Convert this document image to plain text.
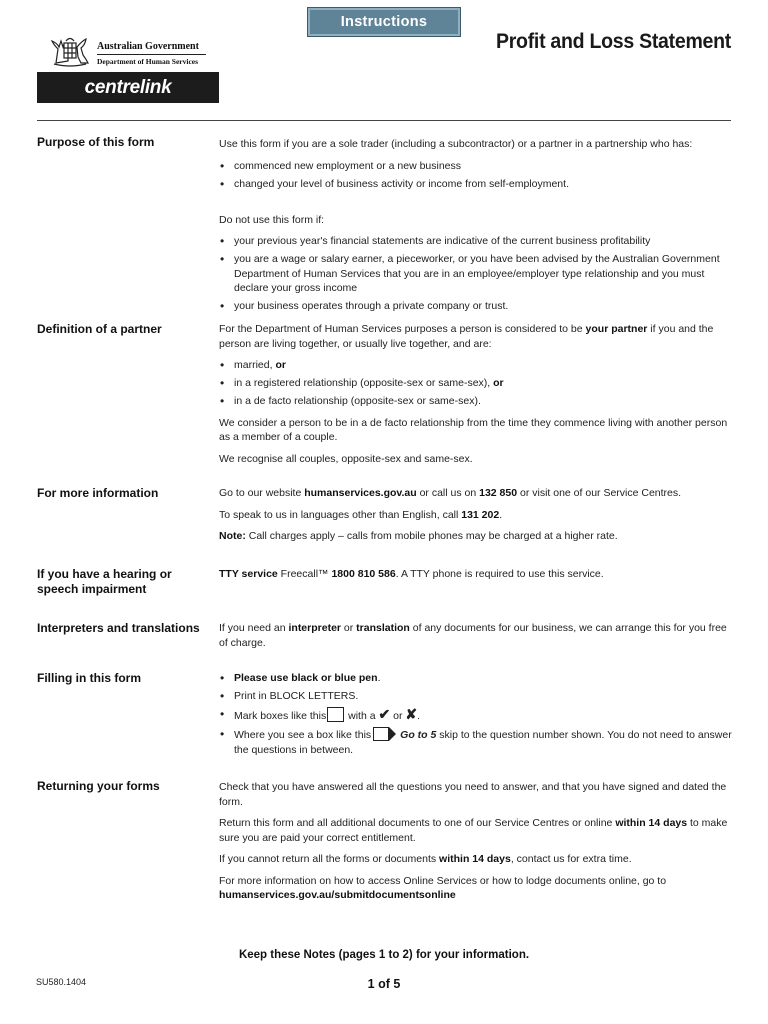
Instructions
Profit and Loss Statement
Australian Government
Department of Human Services
centrelink
Purpose of this form	Use this form if you are a sole trader (including a subcontractor) or a partner in a partnership who has:

• commenced new employment or a new business
• changed your level of business activity or income from self-employment.

Do not use this form if:

• your previous year's financial statements are indicative of the current business profitability
• you are a wage or salary earner, a pieceworker, or you have been advised by the Australian Government Department of Human Services that you are in an employee/employer type relationship and you must declare your gross income
• your business operates through a private company or trust.
Definition of a partner	For the Department of Human Services purposes a person is considered to be your partner if you and the person are living together, or usually live together, and are:

• married, or
• in a registered relationship (opposite-sex or same-sex), or
• in a de facto relationship (opposite-sex or same-sex).

We consider a person to be in a de facto relationship from the time they commence living with another person as a member of a couple.

We recognise all couples, opposite-sex and same-sex.

For more information	Go to our website humanservices.gov.au or call us on 132 850 or visit one of our Service Centres.

To speak to us in languages other than English, call 131 202.

Note: Call charges apply – calls from mobile phones may be charged at a higher rate.

If you have a hearing or speech impairment

TTY service Freecall™ 1800 810 586. A TTY phone is required to use this service.

Interpreters and translations	If you need an interpreter or translation of any documents for our business, we can arrange this for you free of charge.

Filling in this form
•	Please use black or blue pen.
• Print in BLOCK LETTERS.
• Mark boxes like this with a ✔ or ✘.
• Where you see a box like this	Go to 5 skip to the question number shown. You do not need to answer the questions in between.
Returning your forms	Check that you have answered all the questions you need to answer, and that you have signed and dated the form.

Return this form and all additional documents to one of our Service Centres or online within 14 days to make sure you are paid your correct entitlement.

If you cannot return all the forms or documents within 14 days, contact us for extra time.

For more information on how to access Online Services or how to lodge documents online, go to
humanservices.gov.au/submitdocumentsonline

Keep these Notes (pages 1 to 2) for your information.
SU580.1404	1 of 5
